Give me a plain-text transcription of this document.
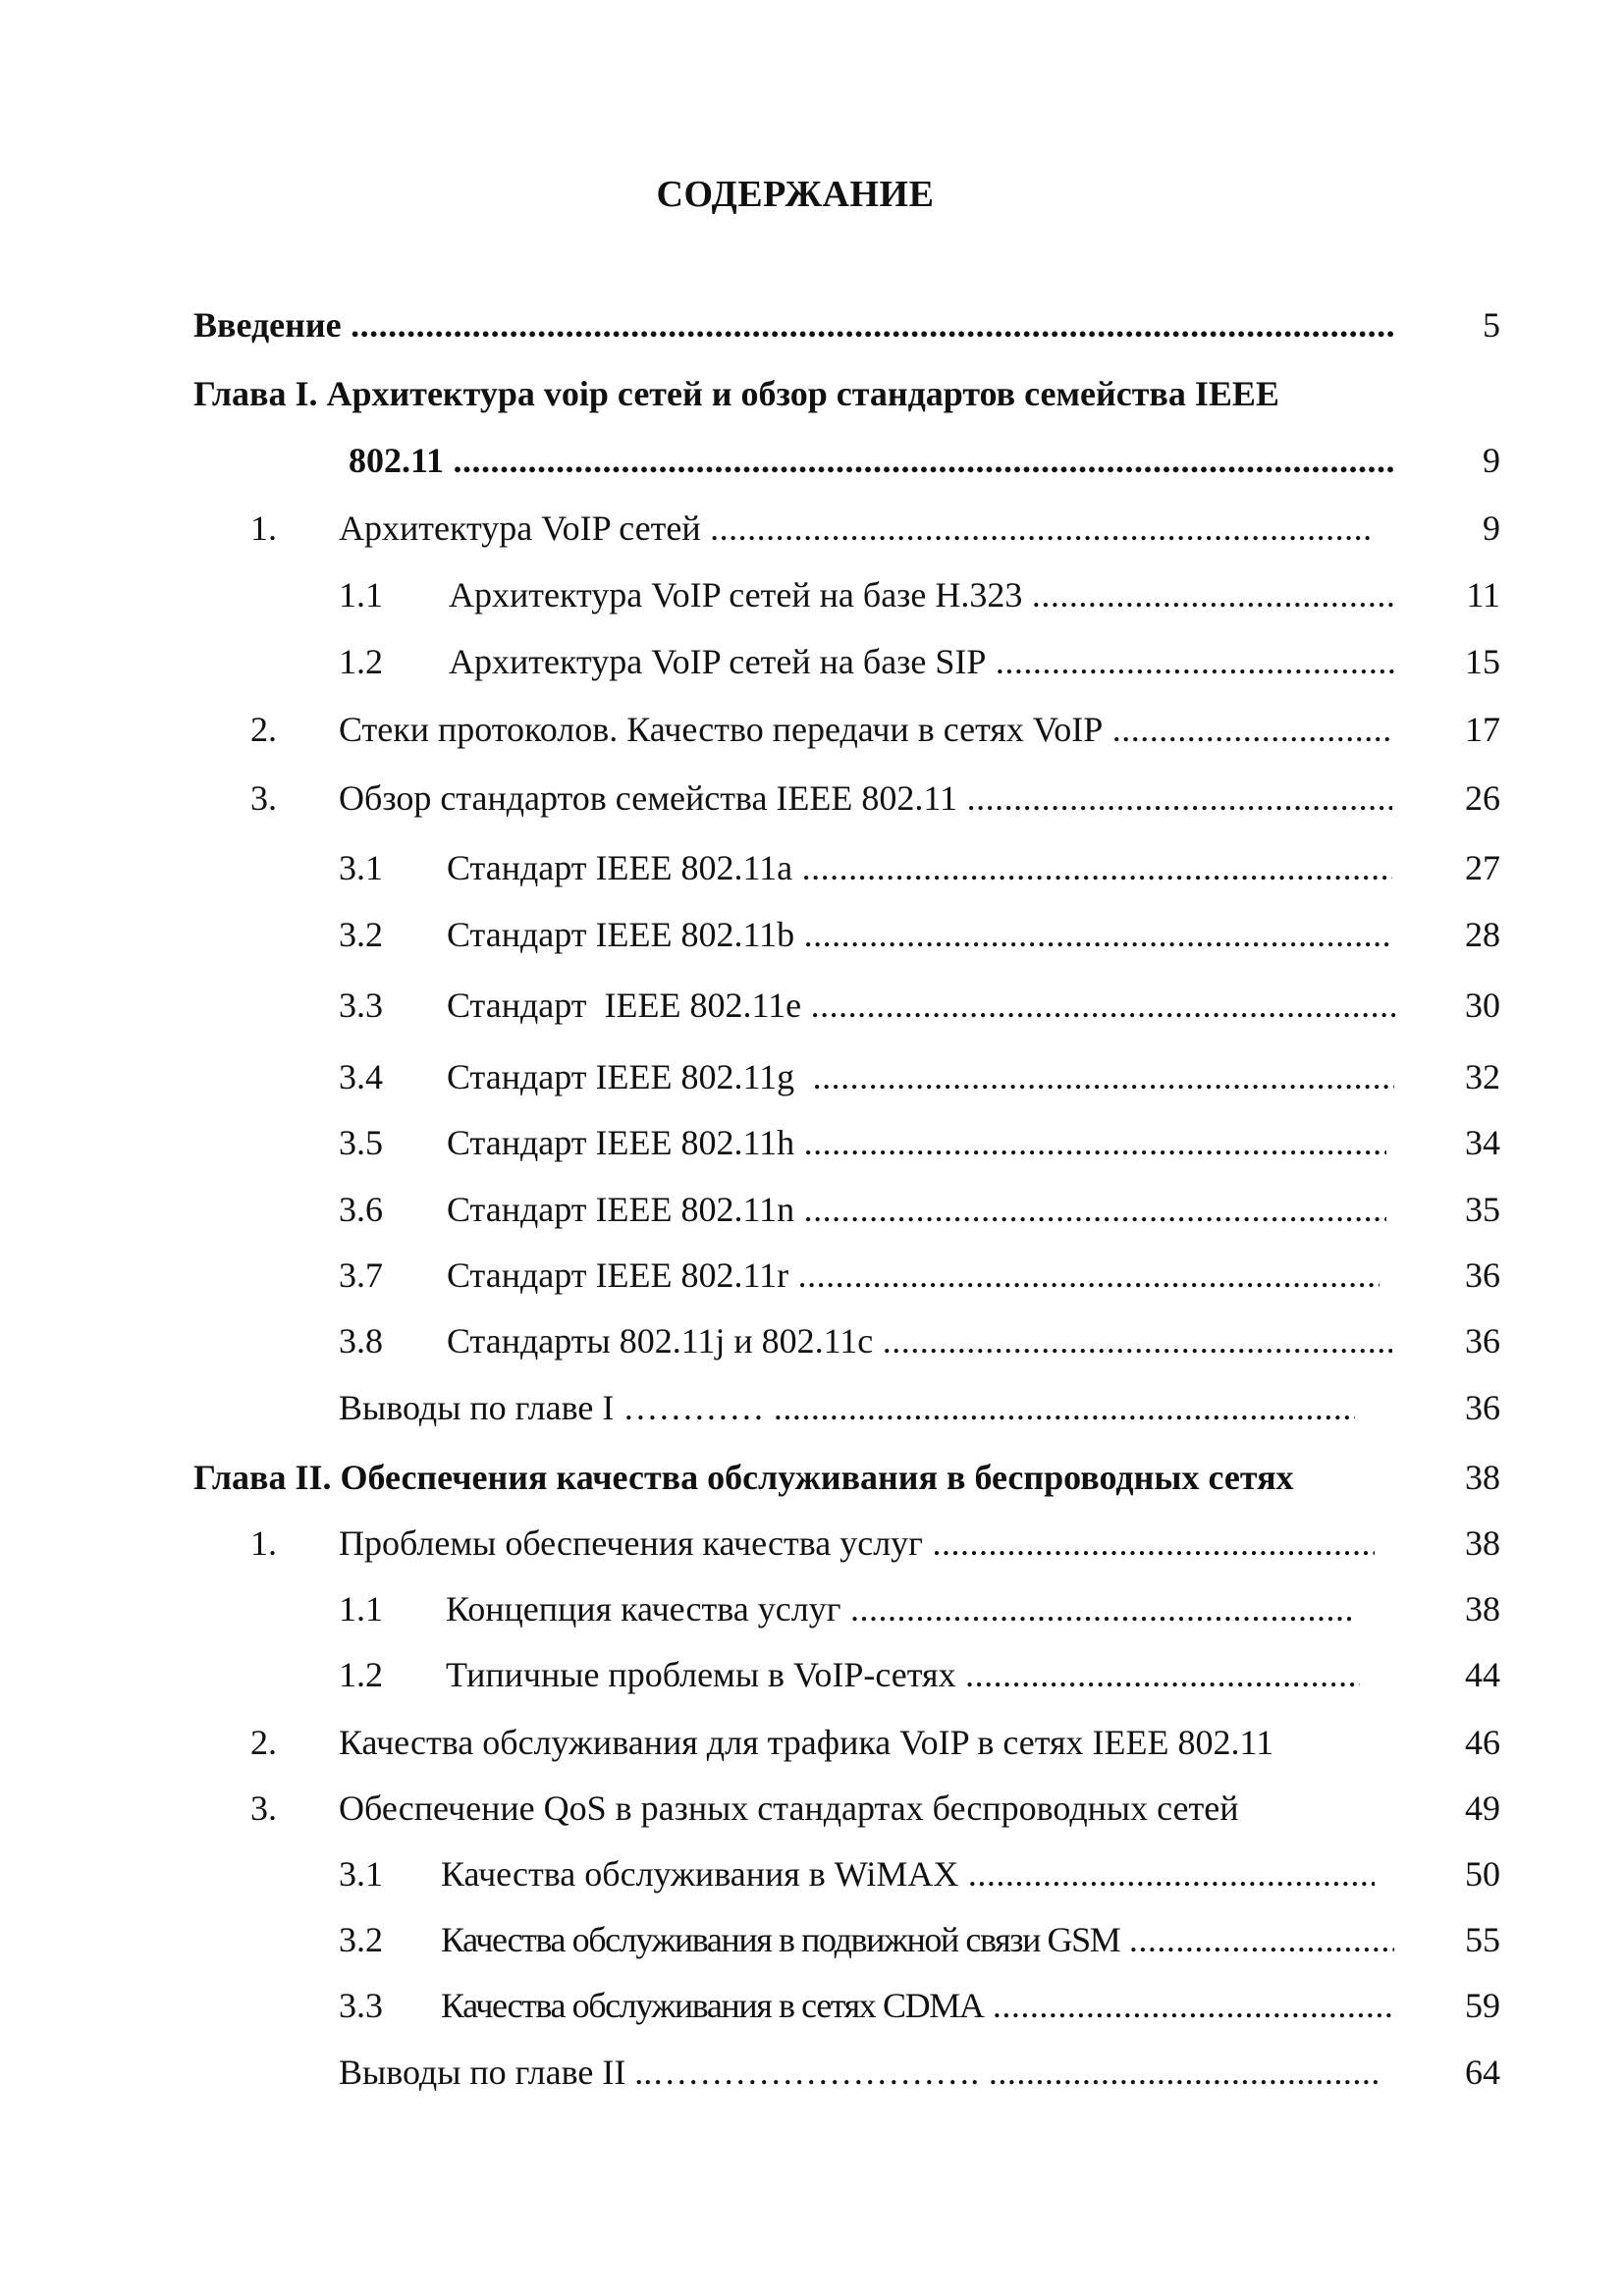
СОДЕРЖАНИЕ
Введение .....	5
Глава I. Архитектура voip сетей и обзор стандартов семейства IEEE
802.11 .....	9
1. Архитектура VoIP сетей .....	9
1.1 Архитектура VoIP сетей на базе H.323 .....	11
1.2 Архитектура VoIP сетей на базе SIP .....	15
2. Стеки протоколов. Качество передачи в сетях VoIP .....	17
3. Обзор стандартов семейства IEEE 802.11 .....	26
3.1 Стандарт IEEE 802.11a .....	27
3.2 Стандарт IEEE 802.11b .....	28
3.3 Стандарт  IEEE 802.11e .....	30
3.4 Стандарт IEEE 802.11g  .....	32
3.5 Стандарт IEEE 802.11h .....	34
3.6 Стандарт IEEE 802.11n .....	35
3.7 Стандарт IEEE 802.11r .....	36
3.8 Стандарты 802.11j и 802.11c .....	36
Выводы по главе I ………… .....	36
Глава II. Обеспечения качества обслуживания в беспроводных сетях	38
1. Проблемы обеспечения качества услуг .....	38
1.1 Концепция качества услуг .....	38
1.2 Типичные проблемы в VoIP-сетях .....	44
2. Качества обслуживания для трафика VoIP в сетях IEEE 802.11	46
3. Обеспечение QoS в разных стандартах беспроводных сетей	49
3.1 Качества обслуживания в WiMAX .....	50
3.2 Качества обслуживания в подвижной связи GSM .....	55
3.3 Качества обслуживания в сетях CDMA .....	59
Выводы по главе II ..………………………. .....	64
